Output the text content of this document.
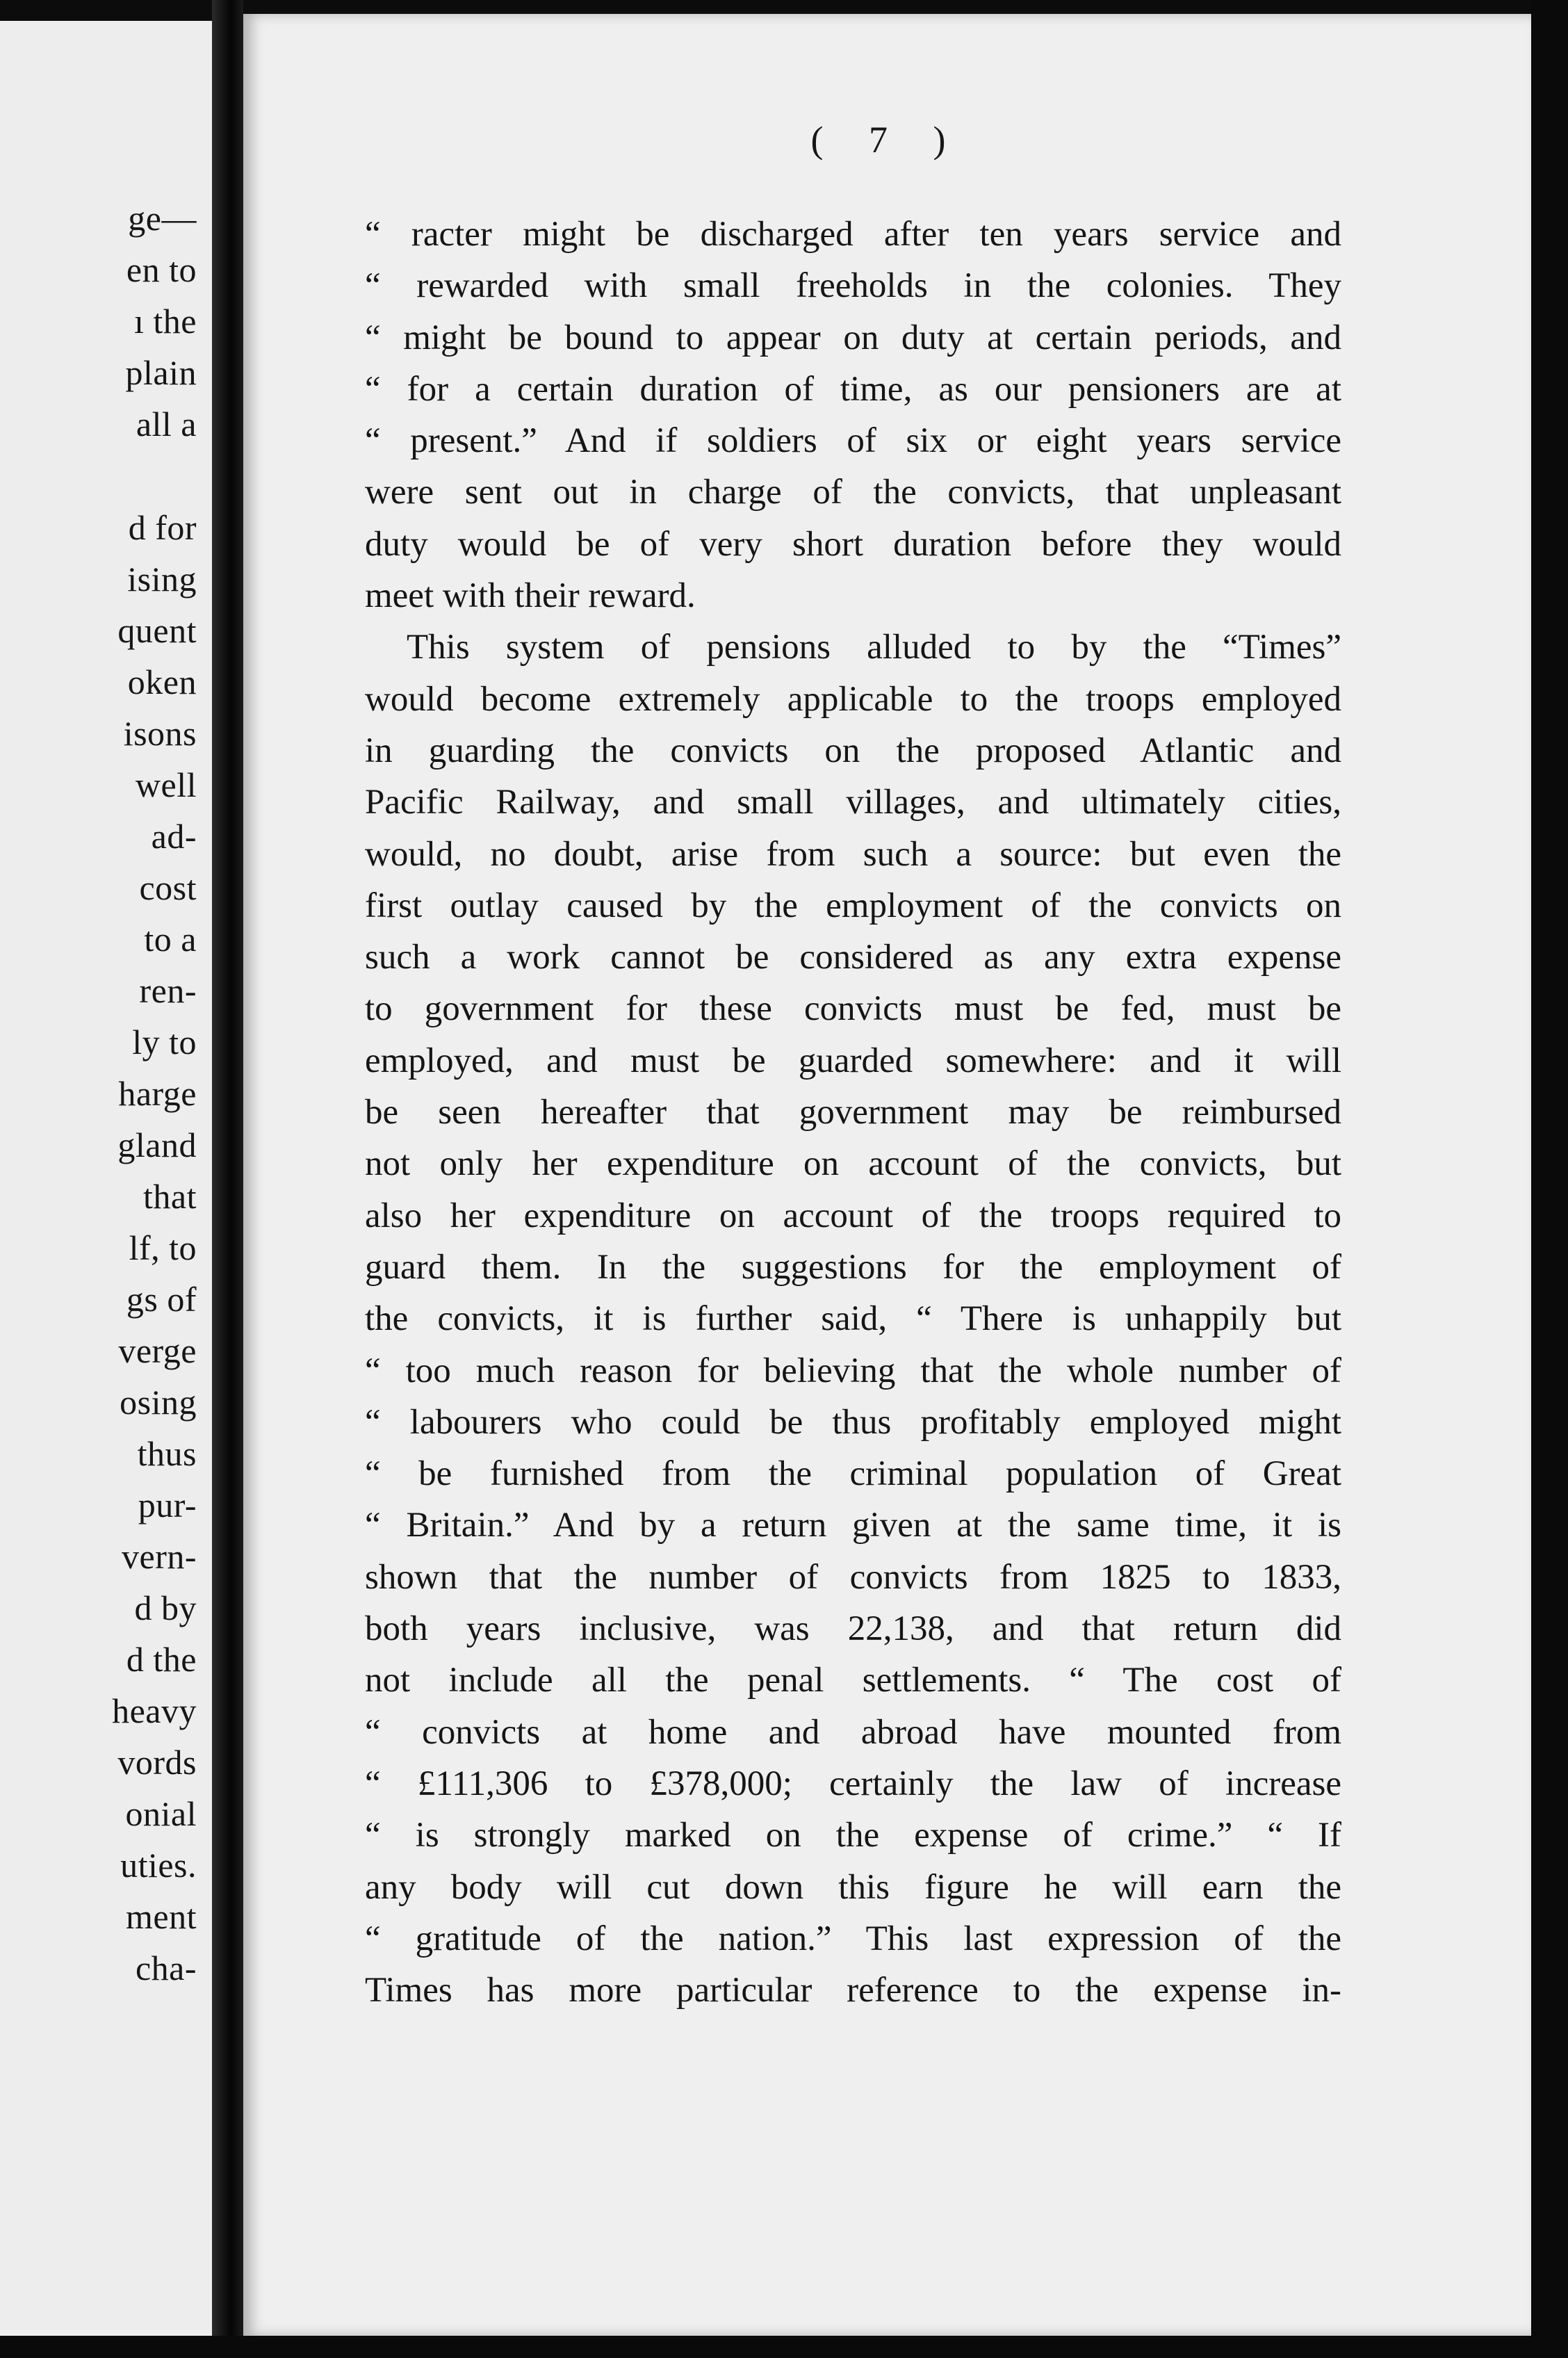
ge—
en to
ı the
plain
all a
d for
ising
quent
oken
isons
well
ad-
cost
to a
ren-
ly to
harge
gland
that
lf, to
gs of
verge
osing
thus
pur-
vern-
d by
d the
heavy
vords
onial
uties.
ment
cha-
( 7 )
“ racter might be discharged after ten years service and
“ rewarded with small freeholds in the colonies. They
“ might be bound to appear on duty at certain periods, and
“ for a certain duration of time, as our pensioners are at
“ present.” And if soldiers of six or eight years service
were sent out in charge of the convicts, that unpleasant
duty would be of very short duration before they would
meet with their reward.
This system of pensions alluded to by the “Times”
would become extremely applicable to the troops employed
in guarding the convicts on the proposed Atlantic and
Pacific Railway, and small villages, and ultimately cities,
would, no doubt, arise from such a source: but even the
first outlay caused by the employment of the convicts on
such a work cannot be considered as any extra expense
to government for these convicts must be fed, must be
employed, and must be guarded somewhere: and it will
be seen hereafter that government may be reimbursed
not only her expenditure on account of the convicts, but
also her expenditure on account of the troops required to
guard them. In the suggestions for the employment of
the convicts, it is further said, “ There is unhappily but
“ too much reason for believing that the whole number of
“ labourers who could be thus profitably employed might
“ be furnished from the criminal population of Great
“ Britain.” And by a return given at the same time, it is
shown that the number of convicts from 1825 to 1833,
both years inclusive, was 22,138, and that return did
not include all the penal settlements. “ The cost of
“ convicts at home and abroad have mounted from
“ £111,306 to £378,000; certainly the law of increase
“ is strongly marked on the expense of crime.” “ If
any body will cut down this figure he will earn the
“ gratitude of the nation.” This last expression of the
Times has more particular reference to the expense in-
